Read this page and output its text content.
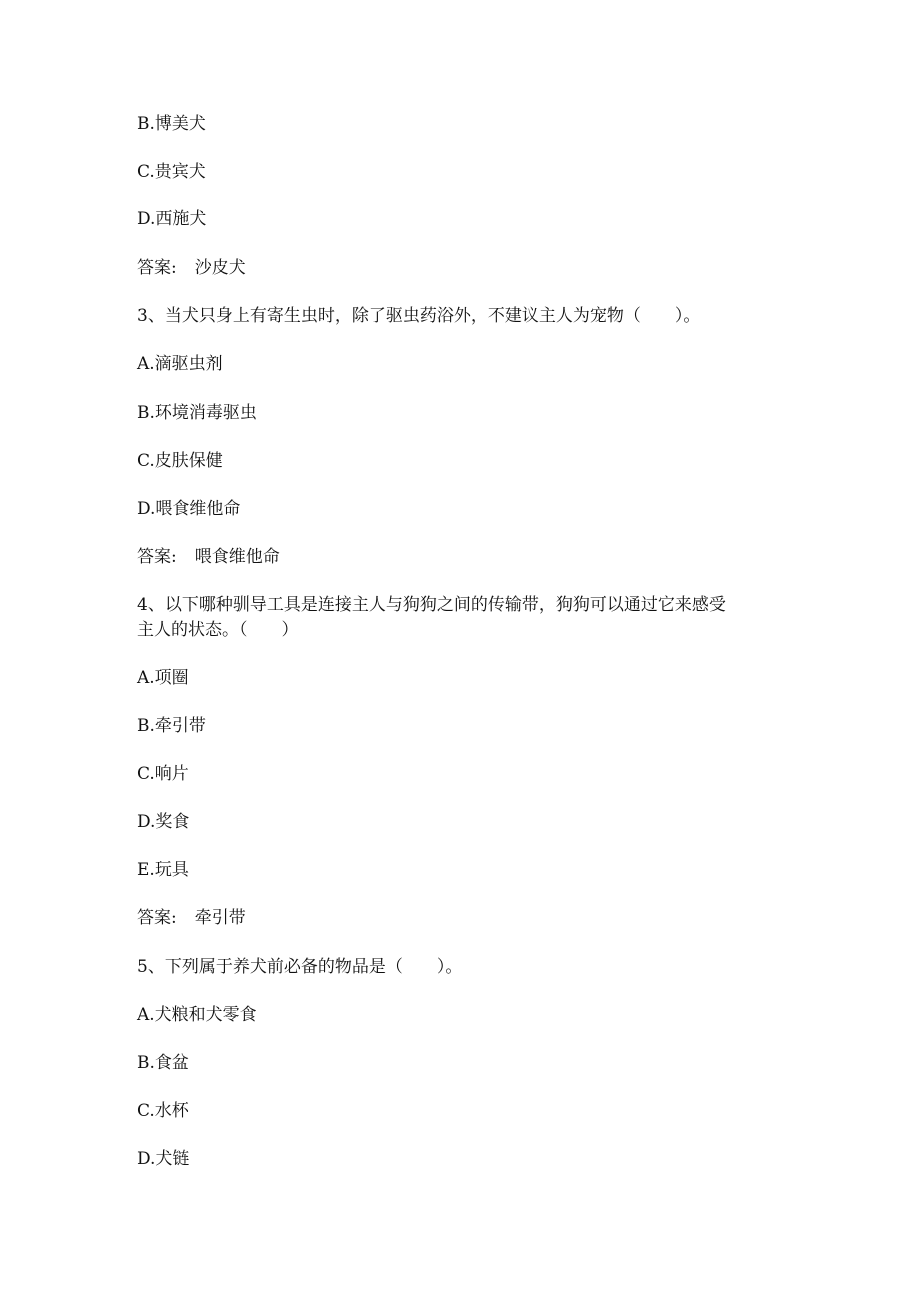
B.博美犬
C.贵宾犬
D.西施犬
答案: 沙皮犬
3、当犬只身上有寄生虫时，除了驱虫药浴外，不建议主人为宠物（　　）。
A.滴驱虫剂
B.环境消毒驱虫
C.皮肤保健
D.喂食维他命
答案: 喂食维他命
4、以下哪种驯导工具是连接主人与狗狗之间的传输带，狗狗可以通过它来感受
主人的状态。（　　）
A.项圈
B.牵引带
C.响片
D.奖食
E.玩具
答案: 牵引带
5、下列属于养犬前必备的物品是（　　）。
A.犬粮和犬零食
B.食盆
C.水杯
D.犬链
